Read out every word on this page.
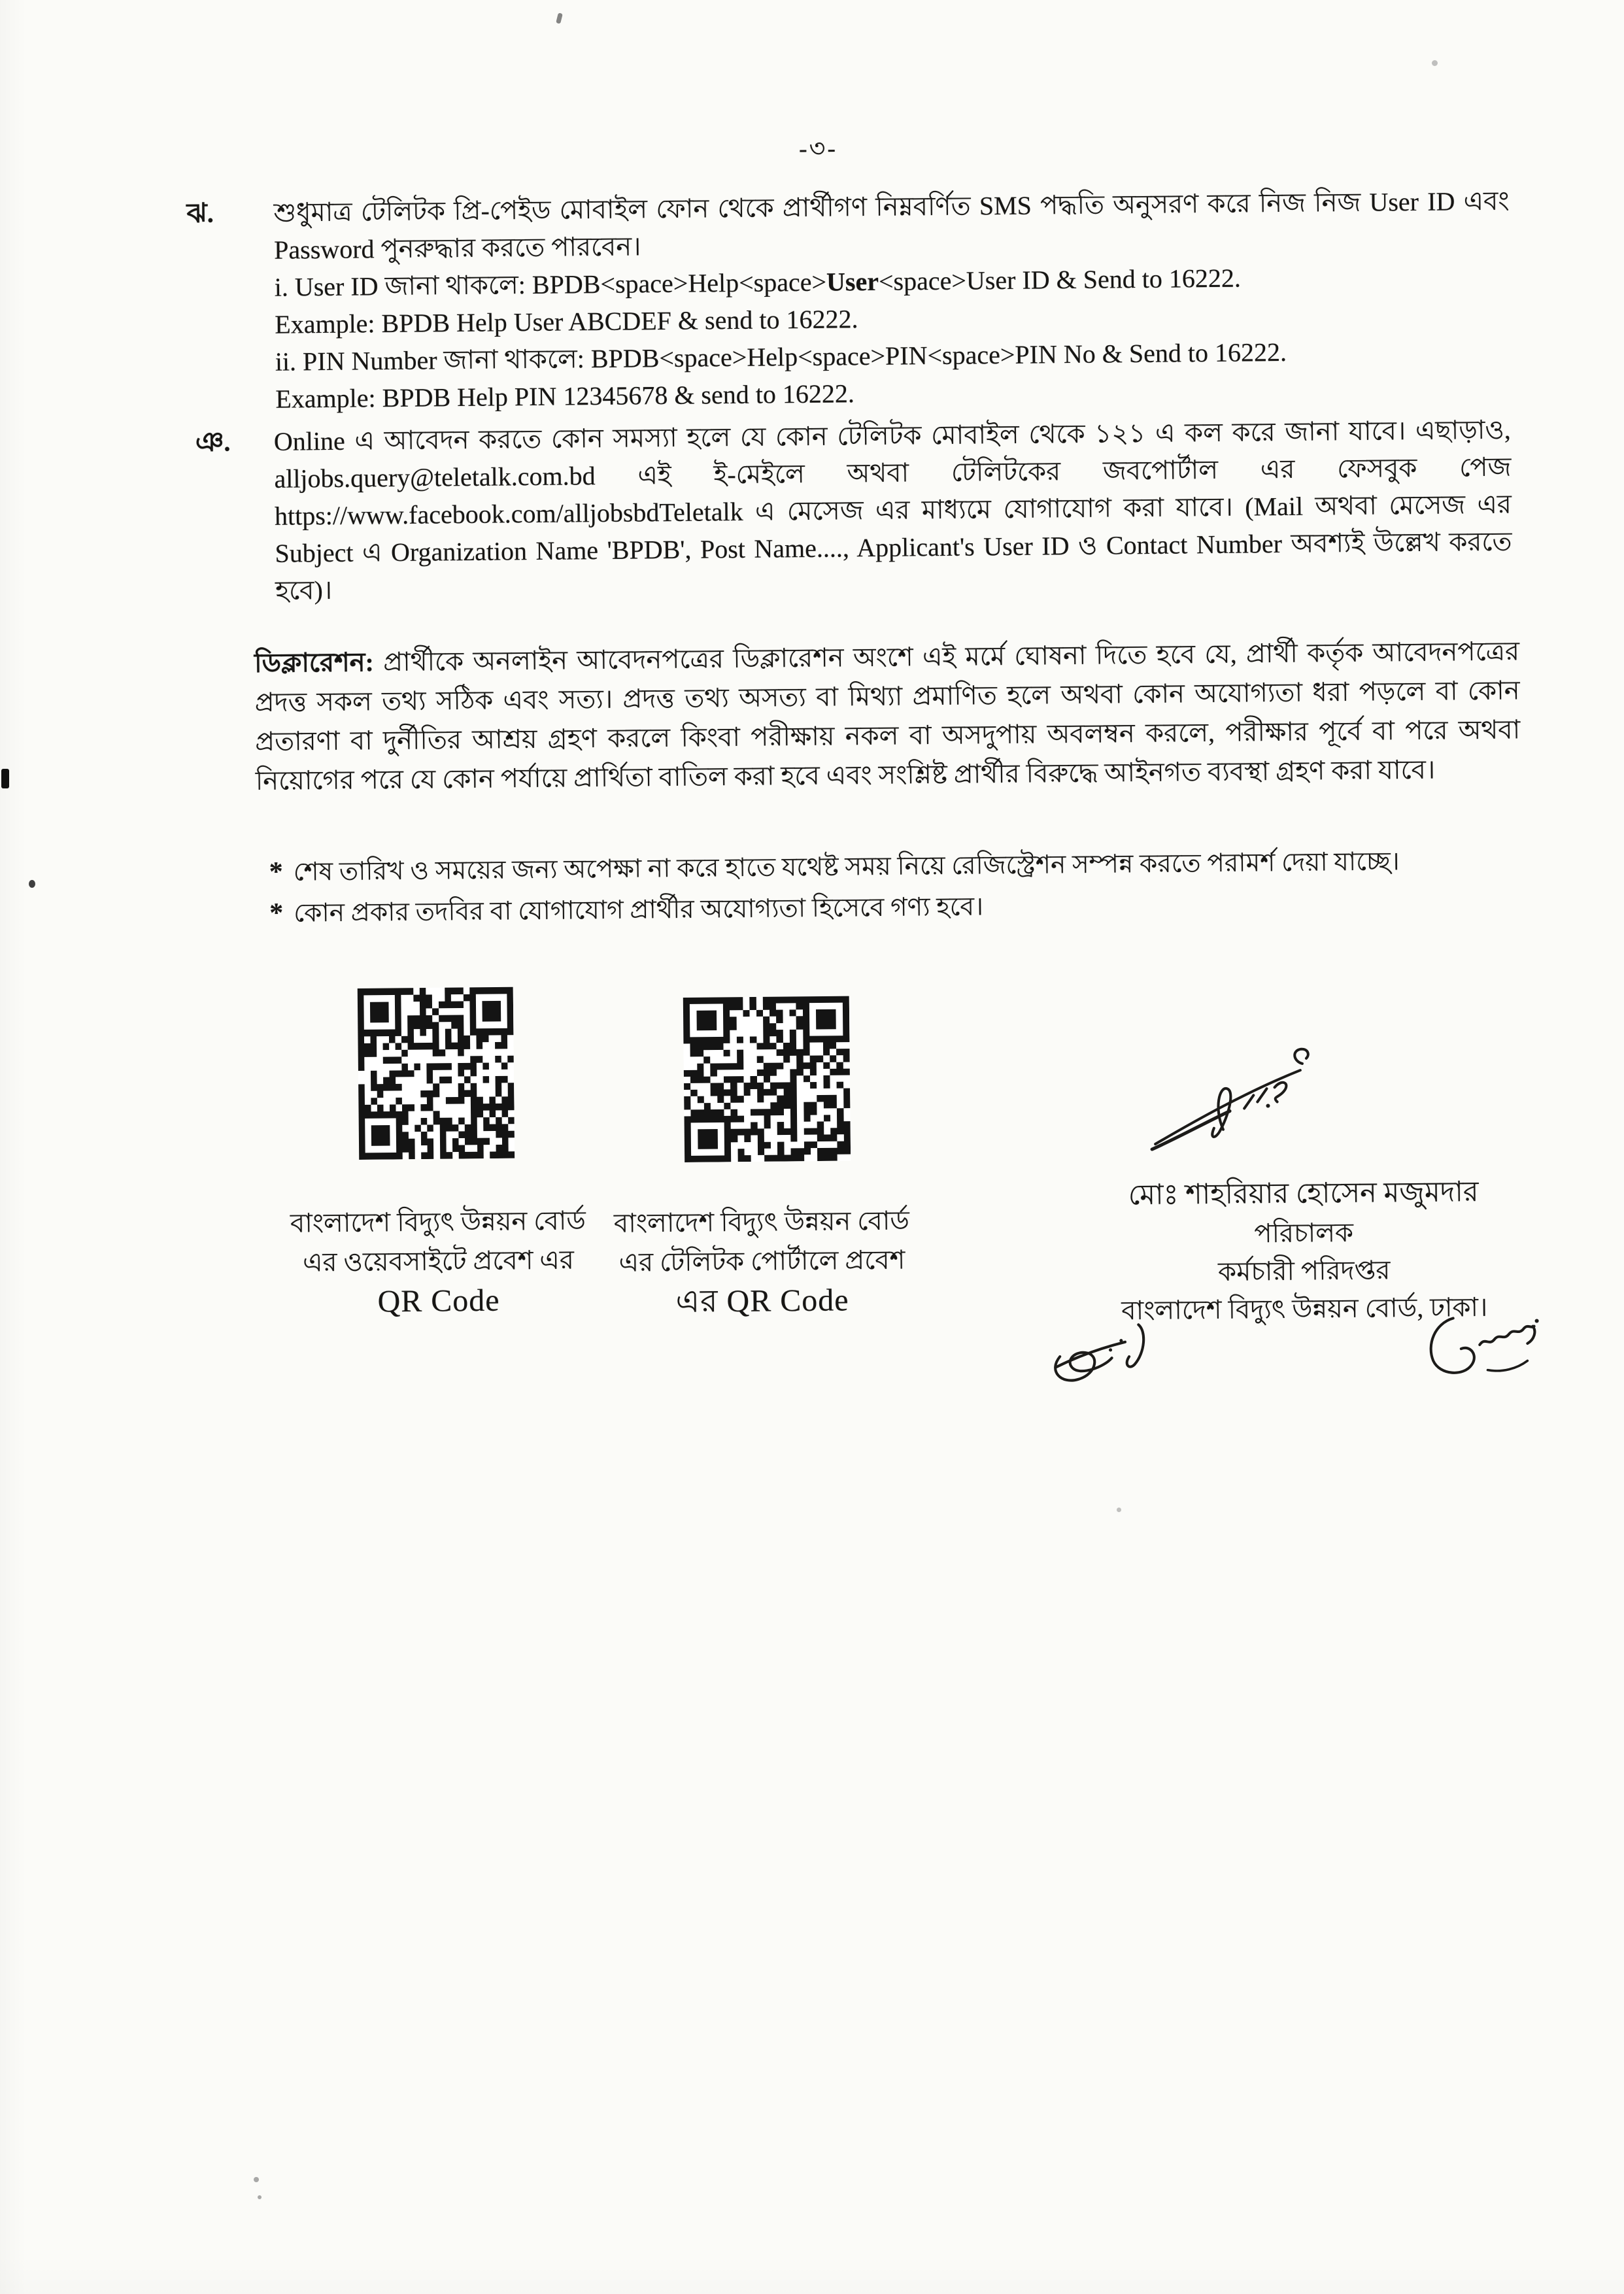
-৩-
ঝ. শুধুমাত্র টেলিটক প্রি-পেইড মোবাইল ফোন থেকে প্রার্থীগণ নিম্নবর্ণিত SMS পদ্ধতি অনুসরণ করে নিজ নিজ User ID এবং Password পুনরুদ্ধার করতে পারবেন।

i. User ID জানা থাকলে: BPDB<space>Help<space>User<space>User ID & Send to 16222.
Example: BPDB Help User ABCDEF & send to 16222.
ii. PIN Number জানা থাকলে: BPDB<space>Help<space>PIN<space>PIN No & Send to 16222.
Example: BPDB Help PIN 12345678 & send to 16222.
ঞ. Online এ আবেদন করতে কোন সমস্যা হলে যে কোন টেলিটক মোবাইল থেকে ১২১ এ কল করে জানা যাবে। এছাড়াও, alljobs.query@teletalk.com.bd এই ই-মেইলে অথবা টেলিটকের জবপোর্টাল এর ফেসবুক পেজ https://www.facebook.com/alljobsbdTeletalk এ মেসেজ এর মাধ্যমে যোগাযোগ করা যাবে। (Mail অথবা মেসেজ এর Subject এ Organization Name 'BPDB', Post Name...., Applicant's User ID ও Contact Number অবশ্যই উল্লেখ করতে হবে)।

ডিক্লারেশন: প্রার্থীকে অনলাইন আবেদনপত্রের ডিক্লারেশন অংশে এই মর্মে ঘোষনা দিতে হবে যে, প্রার্থী কর্তৃক আবেদনপত্রের প্রদত্ত সকল তথ্য সঠিক এবং সত্য। প্রদত্ত তথ্য অসত্য বা মিথ্যা প্রমাণিত হলে অথবা কোন অযোগ্যতা ধরা পড়লে বা কোন প্রতারণা বা দুর্নীতির আশ্রয় গ্রহণ করলে কিংবা পরীক্ষায় নকল বা অসদুপায় অবলম্বন করলে, পরীক্ষার পূর্বে বা পরে অথবা নিয়োগের পরে যে কোন পর্যায়ে প্রার্থিতা বাতিল করা হবে এবং সংশ্লিষ্ট প্রার্থীর বিরুদ্ধে আইনগত ব্যবস্থা গ্রহণ করা যাবে।

* শেষ তারিখ ও সময়ের জন্য অপেক্ষা না করে হাতে যথেষ্ট সময় নিয়ে রেজিস্ট্রেশন সম্পন্ন করতে পরামর্শ দেয়া যাচ্ছে।
* কোন প্রকার তদবির বা যোগাযোগ প্রার্থীর অযোগ্যতা হিসেবে গণ্য হবে।
বাংলাদেশ বিদ্যুৎ উন্নয়ন বোর্ড
এর ওয়েবসাইটে প্রবেশ এর
QR Code
বাংলাদেশ বিদ্যুৎ উন্নয়ন বোর্ড
এর টেলিটক পোর্টালে প্রবেশ
এর QR Code
মোঃ শাহরিয়ার হোসেন মজুমদার
পরিচালক
কর্মচারী পরিদপ্তর
বাংলাদেশ বিদ্যুৎ উন্নয়ন বোর্ড, ঢাকা।
